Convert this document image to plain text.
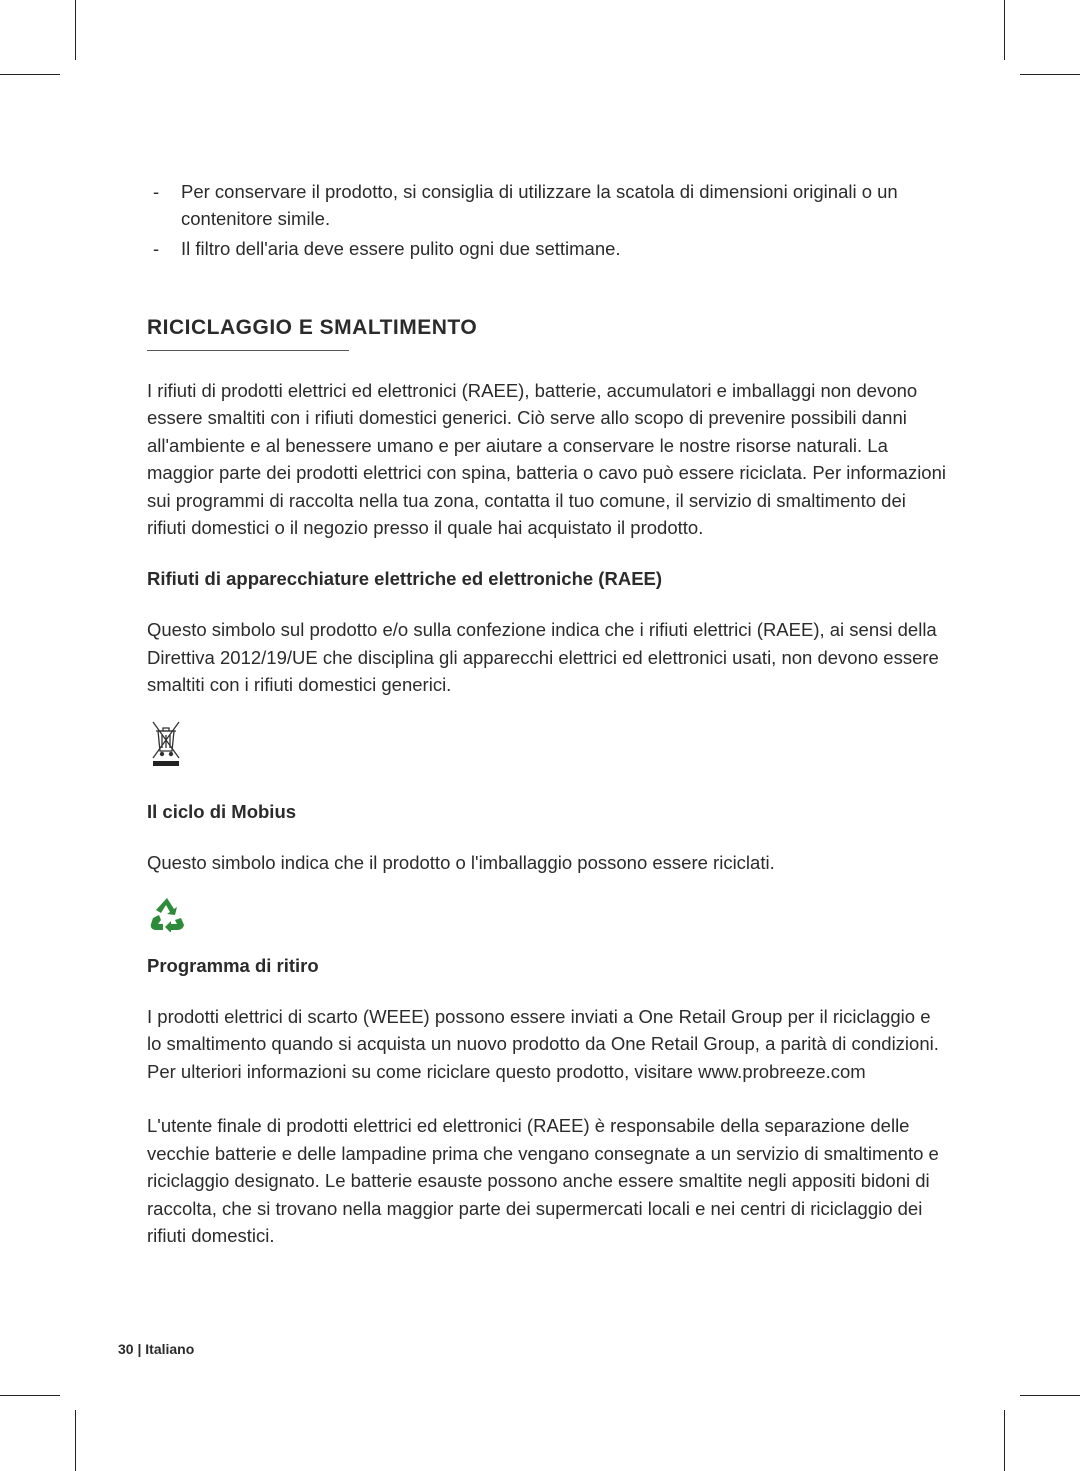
- Per conservare il prodotto, si consiglia di utilizzare la scatola di dimensioni originali o un contenitore simile.
- Il filtro dell'aria deve essere pulito ogni due settimane.
RICICLAGGIO E SMALTIMENTO
I rifiuti di prodotti elettrici ed elettronici (RAEE), batterie, accumulatori e imballaggi non devono essere smaltiti con i rifiuti domestici generici. Ciò serve allo scopo di prevenire possibili danni all'ambiente e al benessere umano e per aiutare a conservare le nostre risorse naturali. La maggior parte dei prodotti elettrici con spina, batteria o cavo può essere riciclata. Per informazioni sui programmi di raccolta nella tua zona, contatta il tuo comune, il servizio di smaltimento dei rifiuti domestici o il negozio presso il quale hai acquistato il prodotto.
Rifiuti di apparecchiature elettriche ed elettroniche (RAEE)
Questo simbolo sul prodotto e/o sulla confezione indica che i rifiuti elettrici (RAEE), ai sensi della Direttiva 2012/19/UE che disciplina gli apparecchi elettrici ed elettronici usati, non devono essere smaltiti con i rifiuti domestici generici.
Il ciclo di Mobius
Questo simbolo indica che il prodotto o l'imballaggio possono essere riciclati.
Programma di ritiro
I prodotti elettrici di scarto (WEEE) possono essere inviati a One Retail Group per il riciclaggio e lo smaltimento quando si acquista un nuovo prodotto da One Retail Group, a parità di condizioni. Per ulteriori informazioni su come riciclare questo prodotto, visitare www.probreeze.com
L'utente finale di prodotti elettrici ed elettronici (RAEE) è responsabile della separazione delle vecchie batterie e delle lampadine prima che vengano consegnate a un servizio di smaltimento e riciclaggio designato. Le batterie esauste possono anche essere smaltite negli appositi bidoni di raccolta, che si trovano nella maggior parte dei supermercati locali e nei centri di riciclaggio dei rifiuti domestici.
30 | Italiano
